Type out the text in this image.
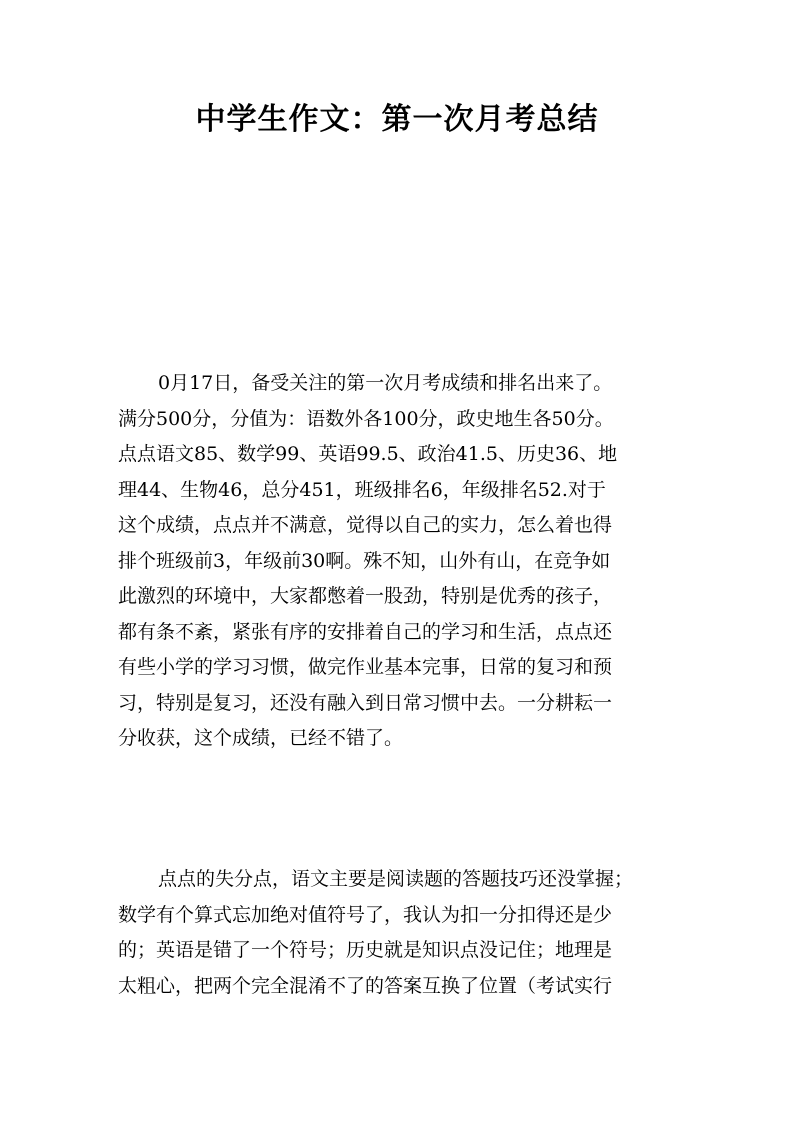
中学生作文：第一次月考总结
0月17日，备受关注的第一次月考成绩和排名出来了。
满分500分，分值为：语数外各100分，政史地生各50分。
点点语文85、数学99、英语99.5、政治41.5、历史36、地
理44、生物46，总分451，班级排名6，年级排名52.对于
这个成绩，点点并不满意，觉得以自己的实力，怎么着也得
排个班级前3，年级前30啊。殊不知，山外有山，在竞争如
此激烈的环境中，大家都憋着一股劲，特别是优秀的孩子，
都有条不紊，紧张有序的安排着自己的学习和生活，点点还
有些小学的学习习惯，做完作业基本完事，日常的复习和预
习，特别是复习，还没有融入到日常习惯中去。一分耕耘一
分收获，这个成绩，已经不错了。
点点的失分点，语文主要是阅读题的答题技巧还没掌握；
数学有个算式忘加绝对值符号了，我认为扣一分扣得还是少
的；英语是错了一个符号；历史就是知识点没记住；地理是
太粗心，把两个完全混淆不了的答案互换了位置（考试实行
